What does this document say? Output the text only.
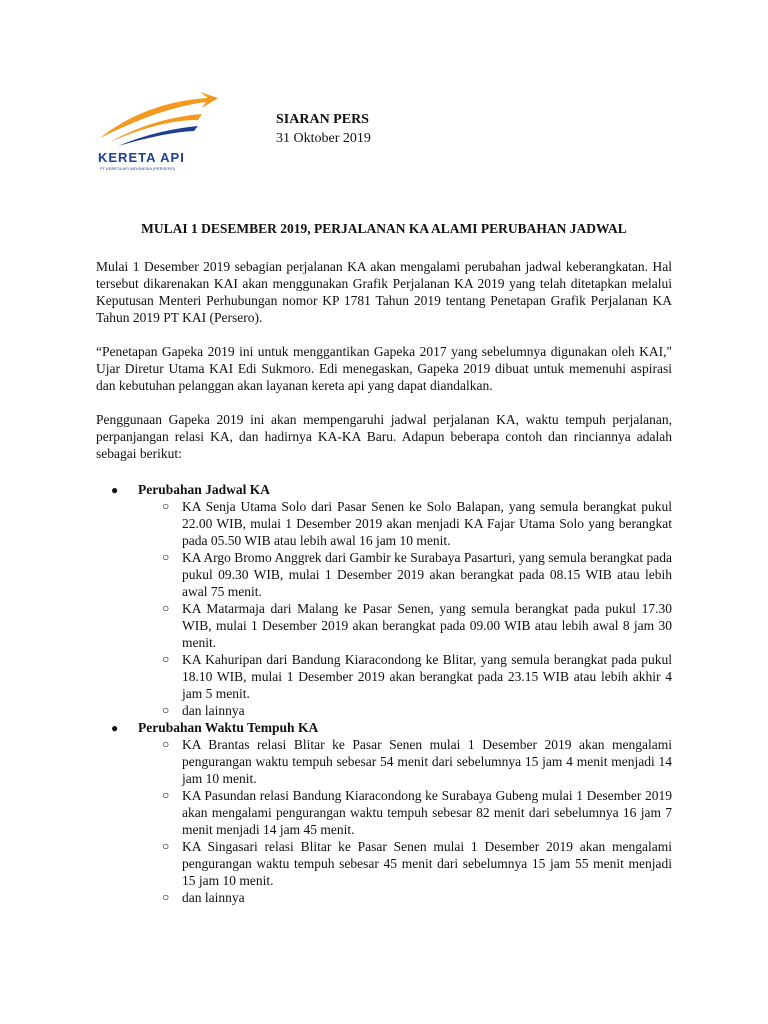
KERETA API
PT KERETA API INDONESIA (PERSERO)
SIARAN PERS
31 Oktober 2019
MULAI 1 DESEMBER 2019, PERJALANAN KA ALAMI PERUBAHAN JADWAL

Mulai 1 Desember 2019 sebagian perjalanan KA akan mengalami perubahan jadwal keberangkatan. Hal tersebut dikarenakan KAI akan menggunakan Grafik Perjalanan KA 2019 yang telah ditetapkan melalui Keputusan Menteri Perhubungan nomor KP 1781 Tahun 2019 tentang Penetapan Grafik Perjalanan KA Tahun 2019 PT KAI (Persero).

“Penetapan Gapeka 2019 ini untuk menggantikan Gapeka 2017 yang sebelumnya digunakan oleh KAI," Ujar Diretur Utama KAI Edi Sukmoro. Edi menegaskan, Gapeka 2019 dibuat untuk memenuhi aspirasi dan kebutuhan pelanggan akan layanan kereta api yang dapat diandalkan.

Penggunaan Gapeka 2019 ini akan mempengaruhi jadwal perjalanan KA, waktu tempuh perjalanan, perpanjangan relasi KA, dan hadirnya KA-KA Baru. Adapun beberapa contoh dan rinciannya adalah sebagai berikut:

● Perubahan Jadwal KA
○ KA Senja Utama Solo dari Pasar Senen ke Solo Balapan, yang semula berangkat pukul 22.00 WIB, mulai 1 Desember 2019 akan menjadi KA Fajar Utama Solo yang berangkat pada 05.50 WIB atau lebih awal 16 jam 10 menit.
○ KA Argo Bromo Anggrek dari Gambir ke Surabaya Pasarturi, yang semula berangkat pada pukul 09.30 WIB, mulai 1 Desember 2019 akan berangkat pada 08.15 WIB atau lebih awal 75 menit.
○ KA Matarmaja dari Malang ke Pasar Senen, yang semula berangkat pada pukul 17.30 WIB, mulai 1 Desember 2019 akan berangkat pada 09.00 WIB atau lebih awal 8 jam 30 menit.
○ KA Kahuripan dari Bandung Kiaracondong ke Blitar, yang semula berangkat pada pukul 18.10 WIB, mulai 1 Desember 2019 akan berangkat pada 23.15 WIB atau lebih akhir 4 jam 5 menit.
○ dan lainnya
● Perubahan Waktu Tempuh KA
○ KA Brantas relasi Blitar ke Pasar Senen mulai 1 Desember 2019 akan mengalami pengurangan waktu tempuh sebesar 54 menit dari sebelumnya 15 jam 4 menit menjadi 14 jam 10 menit.
○ KA Pasundan relasi Bandung Kiaracondong ke Surabaya Gubeng mulai 1 Desember 2019 akan mengalami pengurangan waktu tempuh sebesar 82 menit dari sebelumnya 16 jam 7 menit menjadi 14 jam 45 menit.
○ KA Singasari relasi Blitar ke Pasar Senen mulai 1 Desember 2019 akan mengalami pengurangan waktu tempuh sebesar 45 menit dari sebelumnya 15 jam 55 menit menjadi 15 jam 10 menit.
○ dan lainnya
